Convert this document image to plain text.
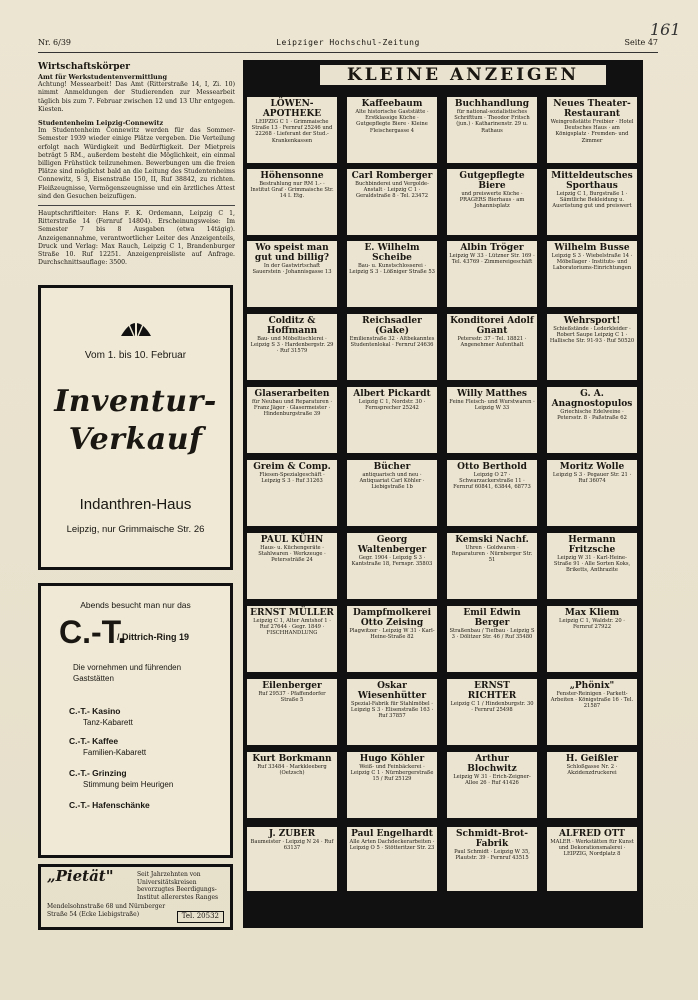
161
Nr. 6/39	Leipziger Hochschul-Zeitung	Seite 47
Wirtschaftskörper
Amt für Werkstudentenvermittlung

Achtung! Messearbeit! Das Amt (Ritterstraße 14, I, Zi. 10) nimmt Anmeldungen der Studierenden zur Messearbeit täglich bis zum 7. Februar zwischen 12 und 13 Uhr entgegen. Kiesten.

Studentenheim Leipzig-Connewitz

Im Studentenheim Connewitz werden für das Sommer-Semester 1939 wieder einige Plätze vergeben. Die Verteilung erfolgt nach Würdigkeit und Bedürftigkeit. Der Mietpreis beträgt 5 RM., außerdem besteht die Möglichkeit, ein einmal billigen Frühstück teilzunehmen. Bewerbungen um die freien Plätze sind möglichst bald an die Leitung des Studentenheims Connewitz, S 3, Eisenstraße 150, II, Ruf 38842, zu richten. Fleißzeugnisse, Vermögenszeugnisse und ein ärztliches Attest sind den Gesuchen beizufügen.

Hauptschriftleiter: Hans F. K. Ordemann, Leipzig C 1, Ritterstraße 14 (Fernruf 14804). Erscheinungsweise: Im Semester 7 bis 8 Ausgaben (etwa 14tägig). Anzeigenannahme, verantwortlicher Leiter des Anzeigenteils, Druck und Verlag: Max Rauch, Leipzig C 1, Brandenburger Straße 10. Ruf 12251. Anzeigenpreisliste auf Anfrage. Durchschnittsauflage: 3500.

Vom 1. bis 10. Februar
Inventur-
Verkauf
Indanthren-Haus
Leipzig, nur Grimmaische Str. 26
Abends besucht man nur das
C.-T.
/ Dittrich-Ring 19
Die vornehmen und führenden
Gaststätten
C.-T.- Kasino
Tanz-Kabarett
C.-T.- Kaffee
Familien-Kabarett
C.-T.- Grinzing
Stimmung beim Heurigen
C.-T.- Hafenschänke
„Pietät"	Seit Jahrzehnten von Universitätskreisen bevorzugtes Beerdigungs-Institut allererstes Ranges
Mendelsohnstraße 68 und Nürnberger Straße 54 (Ecke Liebigstraße)	Tel. 20532
KLEINE ANZEIGEN
LÖWEN-APOTHEKE
LEIPZIG C 1 · Grimmaische Straße 13 · Fernruf 25246 und 22268 · Lieferant der Stud.-Krankenkassen
Kaffeebaum
Alte historische Gaststätte · Erstklassige Küche · Gutgepflegte Biere · Kleine Fleischergasse 4
Buchhandlung
für national-sozialistisches Schrifttum · Theodor Fritsch (jun.) · Katharinenstr. 29 u. Rathaus
Neues Theater-Restaurant
Weingroßstätte Freibier · Hotel Deutsches Haus · am Königsplatz · Fremden- und Zimmer
Höhensonne
Bestrahlung nur RM 1.- · Institut Graf · Grimmaische Str. 14 I. Etg.
Carl Romberger
Buchbinderei und Vergolde-Anstalt · Leipzig C 1 · Geraldstraße 8 · Tel. 23472
Gutgepflegte Biere
und preiswerte Küche · PRAGERS Bierhaus · am Johannisplatz
Mitteldeutsches Sporthaus
Leipzig C 1, Burgstraße 1 · Sämtliche Bekleidung u. Ausrüstung gut und preiswert
Wo speist man gut und billig?
In der Gastwirtschaft Sauerstein · Johannisgasse 13
E. Wilhelm Scheibe
Bau- u. Kunstschlosserei · Leipzig S 3 · Lößniger Straße 53
Albin Tröger
Leipzig W 33 · Lützner Str. 169 · Tel. 43769 · Zimmereigeschäft
Wilhelm Busse
Leipzig S 3 · Wiebelstraße 14 · Möbellager · Instituts- und Laboratoriums-Einrichtungen
Colditz & Hoffmann
Bau- und Möbeltischlerei · Leipzig S 3 · Hardenbergstr. 29 · Ruf 31579
Reichsadler (Gake)
Emilienstraße 32 · Altbekanntes Studentenlokal · Fernruf 24636
Konditorei Adolf Gnant
Petersstr. 37 · Tel. 18821 · Angenehmer Aufenthalt
Wehrsport!
Schießstände · Lederkleider · Robert Saupe Leipzig C 1 · Hallische Str. 91-93 · Ruf 50520
Glaserarbeiten
für Neubau und Reparaturen · Franz Jäger · Glasermeister · Hindenburgstraße 39
Albert Pickardt
Leipzig C 1, Nordstr. 30 · Fernsprecher 25242
Willy Matthes
Feine Fleisch- und Wurstwaren · Leipzig W 33
G. A. Anagnostopulos
Griechische Edelweine · Petersstr. 8 · Paßstraße 62
Greim & Comp.
Fliesen-Spezialgeschäft · Leipzig S 3 · Ruf 31263
Bücher
antiquarisch und neu · Antiquariat Carl Köhler · Liebigstraße 1b
Otto Berthold
Leipzig O 27 · Schwarzackerstraße 11 · Fernruf 60841, 63844, 68773
Moritz Wolle
Leipzig S 3 · Pegauer Str. 21 · Ruf 36074
PAUL KÜHN
Haus- u. Küchengeräte · Stahlwaren · Werkzeuge · Peterssträße 24
Georg Waltenberger
Gegr. 1904 · Leipzig S 3 · Kantstraße 18, Fernspr. 35803
Kemski Nachf.
Uhren · Goldwaren · Reparaturen · Nürnberger Str. 51
Hermann Fritzsche
Leipzig W 31 · Karl-Heine-Straße 91 · Alle Sorten Koks, Briketts, Anthrazite
ERNST MÜLLER
Leipzig C 1, Alter Amtshof 1 · Ruf 27644 · Gegr. 1849 · FISCHHANDLUNG
Dampfmolkerei Otto Zeising
Plagwitzer · Leipzig W 31 · Karl-Heine-Straße 82
Emil Edwin Berger
Straßenbau / Tiefbau · Leipzig S 3 · Dölitzer Str. 46 / Ruf 35480
Max Kliem
Leipzig C 1, Waldstr. 20 · Fernruf 27922
Eilenberger
Ruf 29537 · Pfaffendorfer Straße 5
Oskar Wiesenhütter
Spezial-Fabrik für Stahlmöbel · Leipzig S 3 · Elisenstraße 163 · Ruf 37857
ERNST RICHTER
Leipzig C 1 / Hindenburgstr. 30 · Fernruf 25498
„Phönix"
Fenster-Reinigen · Parkett-Arbeiten · Königstraße 16 · Tel. 21587
Kurt Borkmann
Ruf 33484 · Markkleeberg (Oetzsch)
Hugo Köhler
Weiß- und Feinbäckerei · Leipzig C 1 · Nürnbergerstraße 15 / Ruf 25129
Arthur Blochwitz
Leipzig W 31 · Erich-Zeigner-Allee 26 · Ruf 41426
H. Geißler
Schloßgasse Nr. 2 · Akzidenzdruckerei
J. ZUBER
Baumeister · Leipzig N 24 · Ruf 63137
Paul Engelhardt
Alle Arten Dachdeckerarbeiten · Leipzig O 5 · Stötteritzer Str. 23
Schmidt-Brot-Fabrik
Paul Schmidt · Leipzig W 35, Plautstr. 39 · Fernruf 43515
ALFRED OTT
MALER · Werkstätten für Kunst und Dekorationsmalerei · LEIPZIG, Nordplatz 8
